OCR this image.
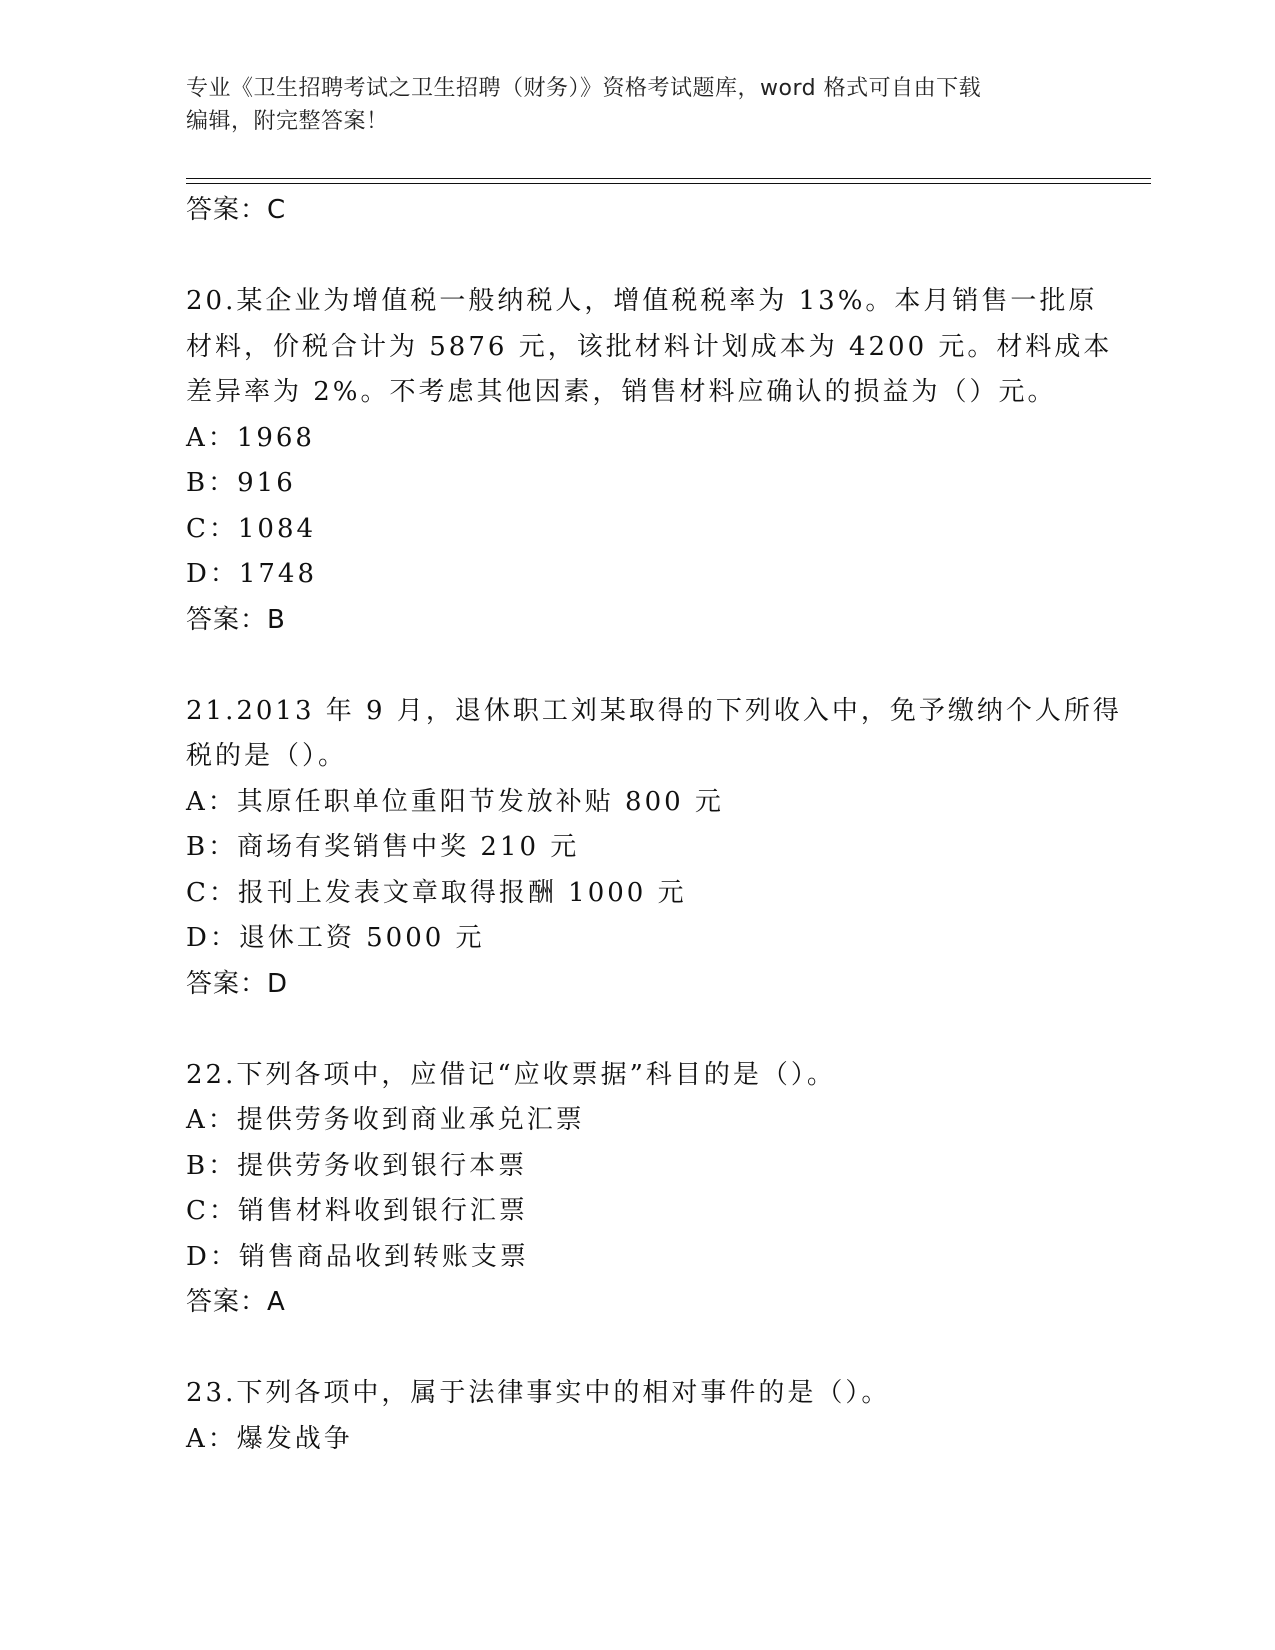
专业《卫生招聘考试之卫生招聘（财务）》资格考试题库，word 格式可自由下载
编辑，附完整答案！
答案：C
20.某企业为增值税一般纳税人，增值税税率为 13%。本月销售一批原
材料，价税合计为 5876 元，该批材料计划成本为 4200 元。材料成本
差异率为 2%。不考虑其他因素，销售材料应确认的损益为（）元。
A：1968
B：916
C：1084
D：1748
答案：B
21.2013 年 9 月，退休职工刘某取得的下列收入中，免予缴纳个人所得
税的是（）。
A：其原任职单位重阳节发放补贴 800 元
B：商场有奖销售中奖 210 元
C：报刊上发表文章取得报酬 1000 元
D：退休工资 5000 元
答案：D
22.下列各项中，应借记“应收票据”科目的是（）。
A：提供劳务收到商业承兑汇票
B：提供劳务收到银行本票
C：销售材料收到银行汇票
D：销售商品收到转账支票
答案：A
23.下列各项中，属于法律事实中的相对事件的是（）。
A：爆发战争
